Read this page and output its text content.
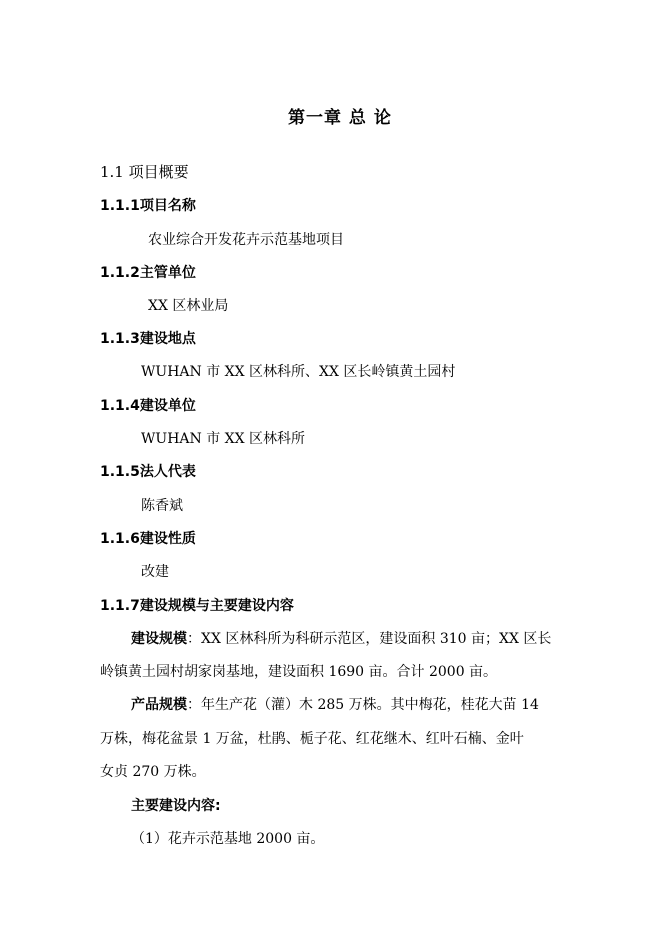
第一章 总 论
1.1 项目概要
1.1.1项目名称
农业综合开发花卉示范基地项目
1.1.2主管单位
XX 区林业局
1.1.3建设地点
WUHAN 市 XX 区林科所、XX 区长岭镇黄土园村
1.1.4建设单位
WUHAN 市 XX 区林科所
1.1.5法人代表
陈香斌
1.1.6建设性质
改建
1.1.7建设规模与主要建设内容
建设规模：XX 区林科所为科研示范区，建设面积 310 亩；XX 区长
岭镇黄土园村胡家岗基地，建设面积 1690 亩。合计 2000 亩。
产品规模：年生产花（灌）木 285 万株。其中梅花，桂花大苗 14
万株，梅花盆景 1 万盆，杜鹃、栀子花、红花继木、红叶石楠、金叶
女贞 270 万株。
主要建设内容:
（1）花卉示范基地 2000 亩。
